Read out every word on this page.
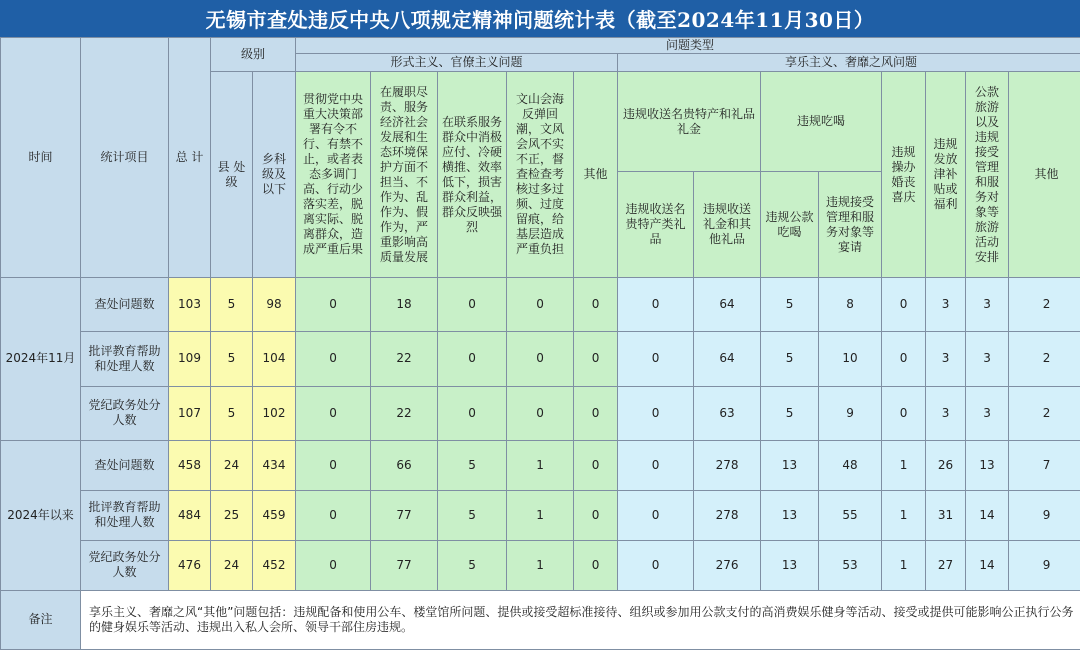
无锡市查处违反中央八项规定精神问题统计表（截至2024年11月30日）
时间	统计项目	总 计	级别		问题类型												
					形式主义、官僚主义问题					享乐主义、奢靡之风问题							
			县 处 级	乡科级及以下	贯彻党中央重大决策部署有令不行、有禁不止，或者表态多调门高、行动少落实差，脱离实际、脱离群众，造成严重后果	在履职尽责、服务经济社会发展和生态环境保护方面不担当、不作为、乱作为、假作为，严重影响高质量发展	在联系服务群众中消极应付、冷硬横推、效率低下，损害群众利益，群众反映强烈	文山会海反弹回潮，文风会风不实不正，督查检查考核过多过频、过度留痕，给基层造成严重负担	其他	违规收送名贵特产和礼品礼金		违规吃喝		违规操办婚丧喜庆	违规发放津补贴或福利	公款旅游以及违规接受管理和服务对象等旅游活动安排	其他
										违规收送名贵特产类礼品	违规收送礼金和其他礼品	违规公款吃喝	违规接受管理和服务对象等宴请				
2024年11月	查处问题数	103	5	98	0	18	0	0	0	0	64	5	8	0	3	3	2
	批评教育帮助和处理人数	109	5	104	0	22	0	0	0	0	64	5	10	0	3	3	2
	党纪政务处分人数	107	5	102	0	22	0	0	0	0	63	5	9	0	3	3	2
2024年以来	查处问题数	458	24	434	0	66	5	1	0	0	278	13	48	1	26	13	7
	批评教育帮助和处理人数	484	25	459	0	77	5	1	0	0	278	13	55	1	31	14	9
	党纪政务处分人数	476	24	452	0	77	5	1	0	0	276	13	53	1	27	14	9
备注	享乐主义、奢靡之风“其他”问题包括：违规配备和使用公车、楼堂馆所问题、提供或接受超标准接待、组织或参加用公款支付的高消费娱乐健身等活动、接受或提供可能影响公正执行公务的健身娱乐等活动、违规出入私人会所、领导干部住房违规。																
